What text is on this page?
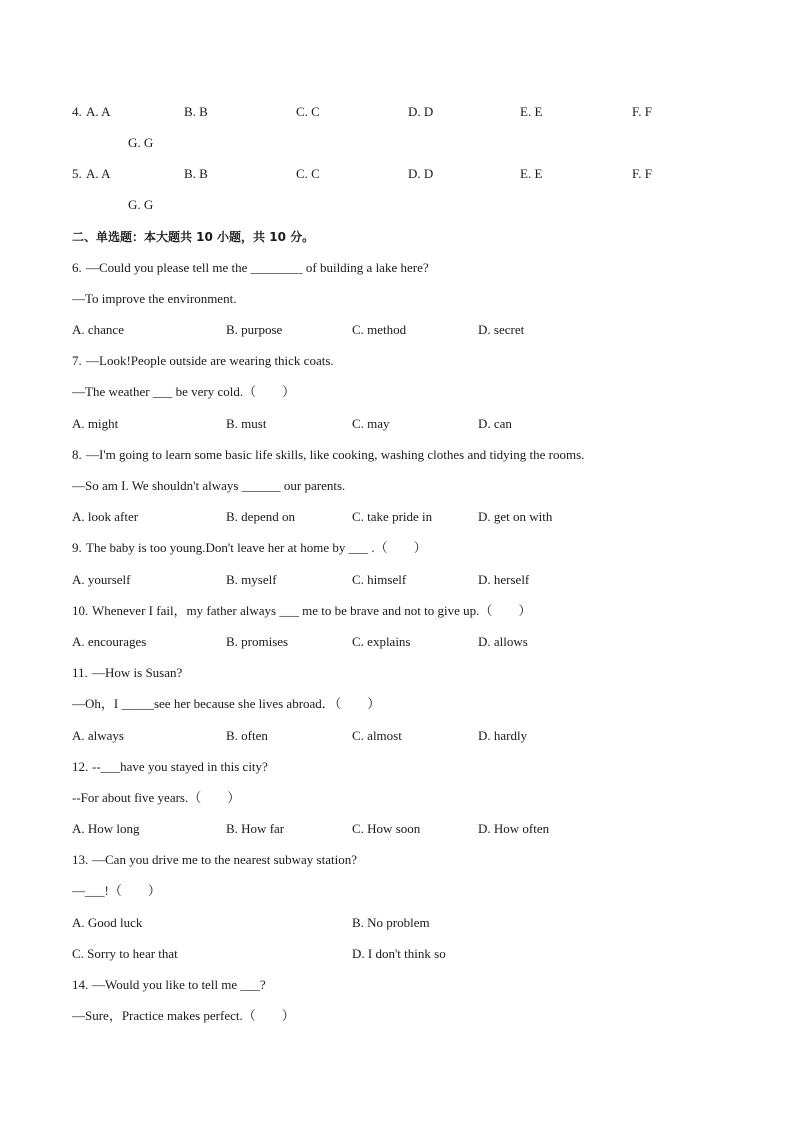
4. A. A	B. B	C. C	D. D	E. E	F. F
G. G
5. A. A	B. B	C. C	D. D	E. E	F. F
G. G
二、单选题：本大题共 10 小题，共 10 分。
6. —Could you please tell me the ________ of building a lake here?
—To improve the environment.
A. chance	B. purpose	C. method	D. secret
7. —Look!People outside are wearing thick coats.
—The weather ___ be very cold.（　　）
A. might	B. must	C. may	D. can
8. —I'm going to learn some basic life skills, like cooking, washing clothes and tidying the rooms.
—So am I. We shouldn't always ______ our parents.
A. look after	B. depend on	C. take pride in	D. get on with
9. The baby is too young.Don't leave her at home by ___ .（　　）
A. yourself	B. myself	C. himself	D. herself
10. Whenever I fail，my father always ___ me to be brave and not to give up.（　　）
A. encourages	B. promises	C. explains	D. allows
11. —How is Susan?
—Oh，I _____see her because she lives abroad．（　　）
A. always	B. often	C. almost	D. hardly
12. --___have you stayed in this city?
--For about five years.（　　）
A. How long	B. How far	C. How soon	D. How often
13. —Can you drive me to the nearest subway station?
—___!（　　）
A. Good luck	B. No problem
C. Sorry to hear that	D. I don't think so
14. —Would you like to tell me ___?
—Sure，Practice makes perfect.（　　）
